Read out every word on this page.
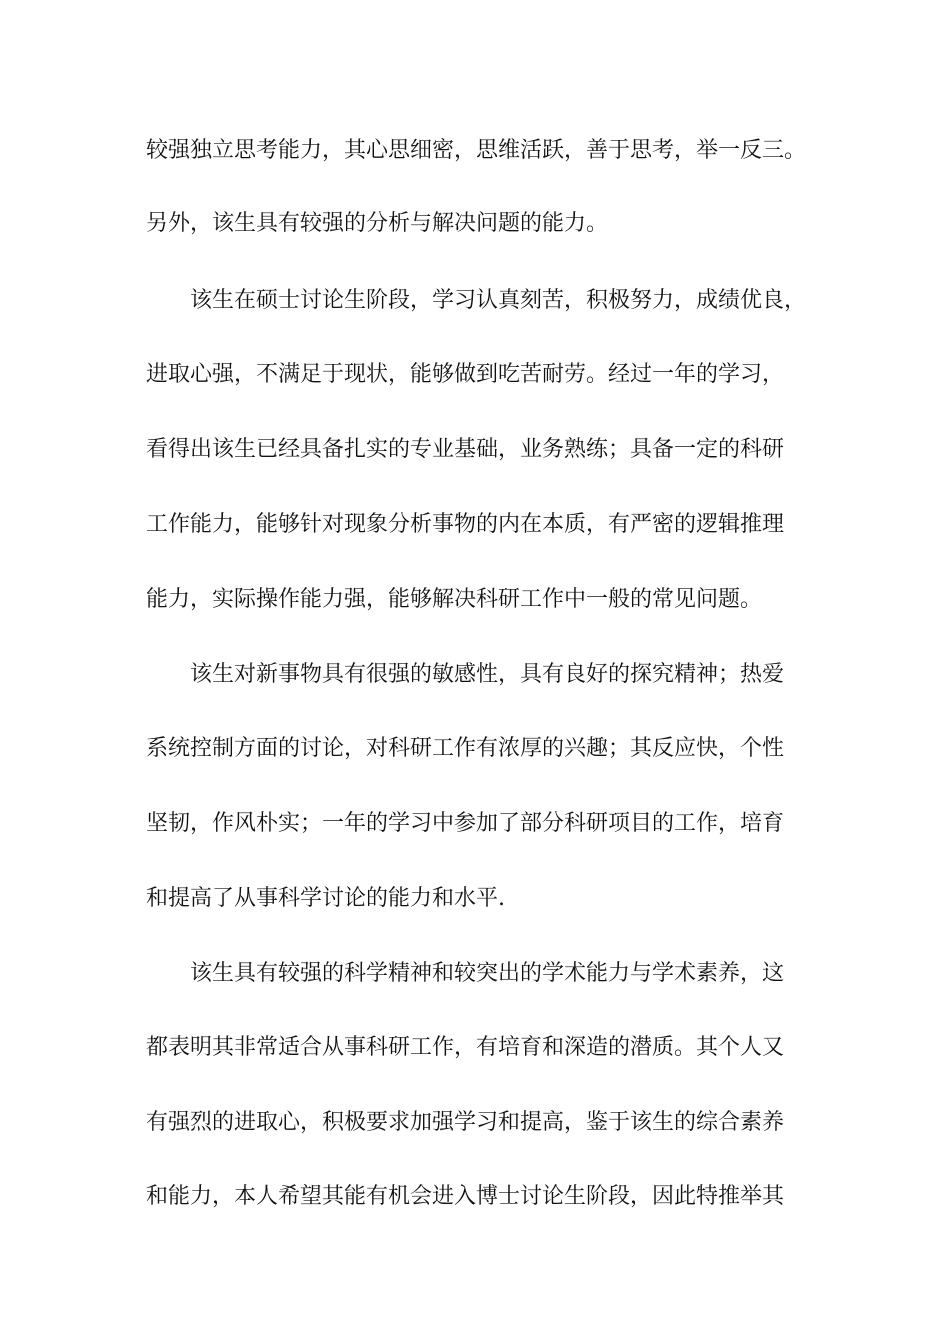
较强独立思考能力，其心思细密，思维活跃，善于思考，举一反三。
另外，该生具有较强的分析与解决问题的能力。
该生在硕士讨论生阶段，学习认真刻苦，积极努力，成绩优良，
进取心强，不满足于现状，能够做到吃苦耐劳。经过一年的学习，
看得出该生已经具备扎实的专业基础，业务熟练；具备一定的科研
工作能力，能够针对现象分析事物的内在本质，有严密的逻辑推理
能力，实际操作能力强，能够解决科研工作中一般的常见问题。
该生对新事物具有很强的敏感性，具有良好的探究精神；热爱
系统控制方面的讨论，对科研工作有浓厚的兴趣；其反应快，个性
坚韧，作风朴实；一年的学习中参加了部分科研项目的工作，培育
和提高了从事科学讨论的能力和水平.
该生具有较强的科学精神和较突出的学术能力与学术素养，这
都表明其非常适合从事科研工作，有培育和深造的潜质。其个人又
有强烈的进取心，积极要求加强学习和提高，鉴于该生的综合素养
和能力，本人希望其能有机会进入博士讨论生阶段，因此特推举其
